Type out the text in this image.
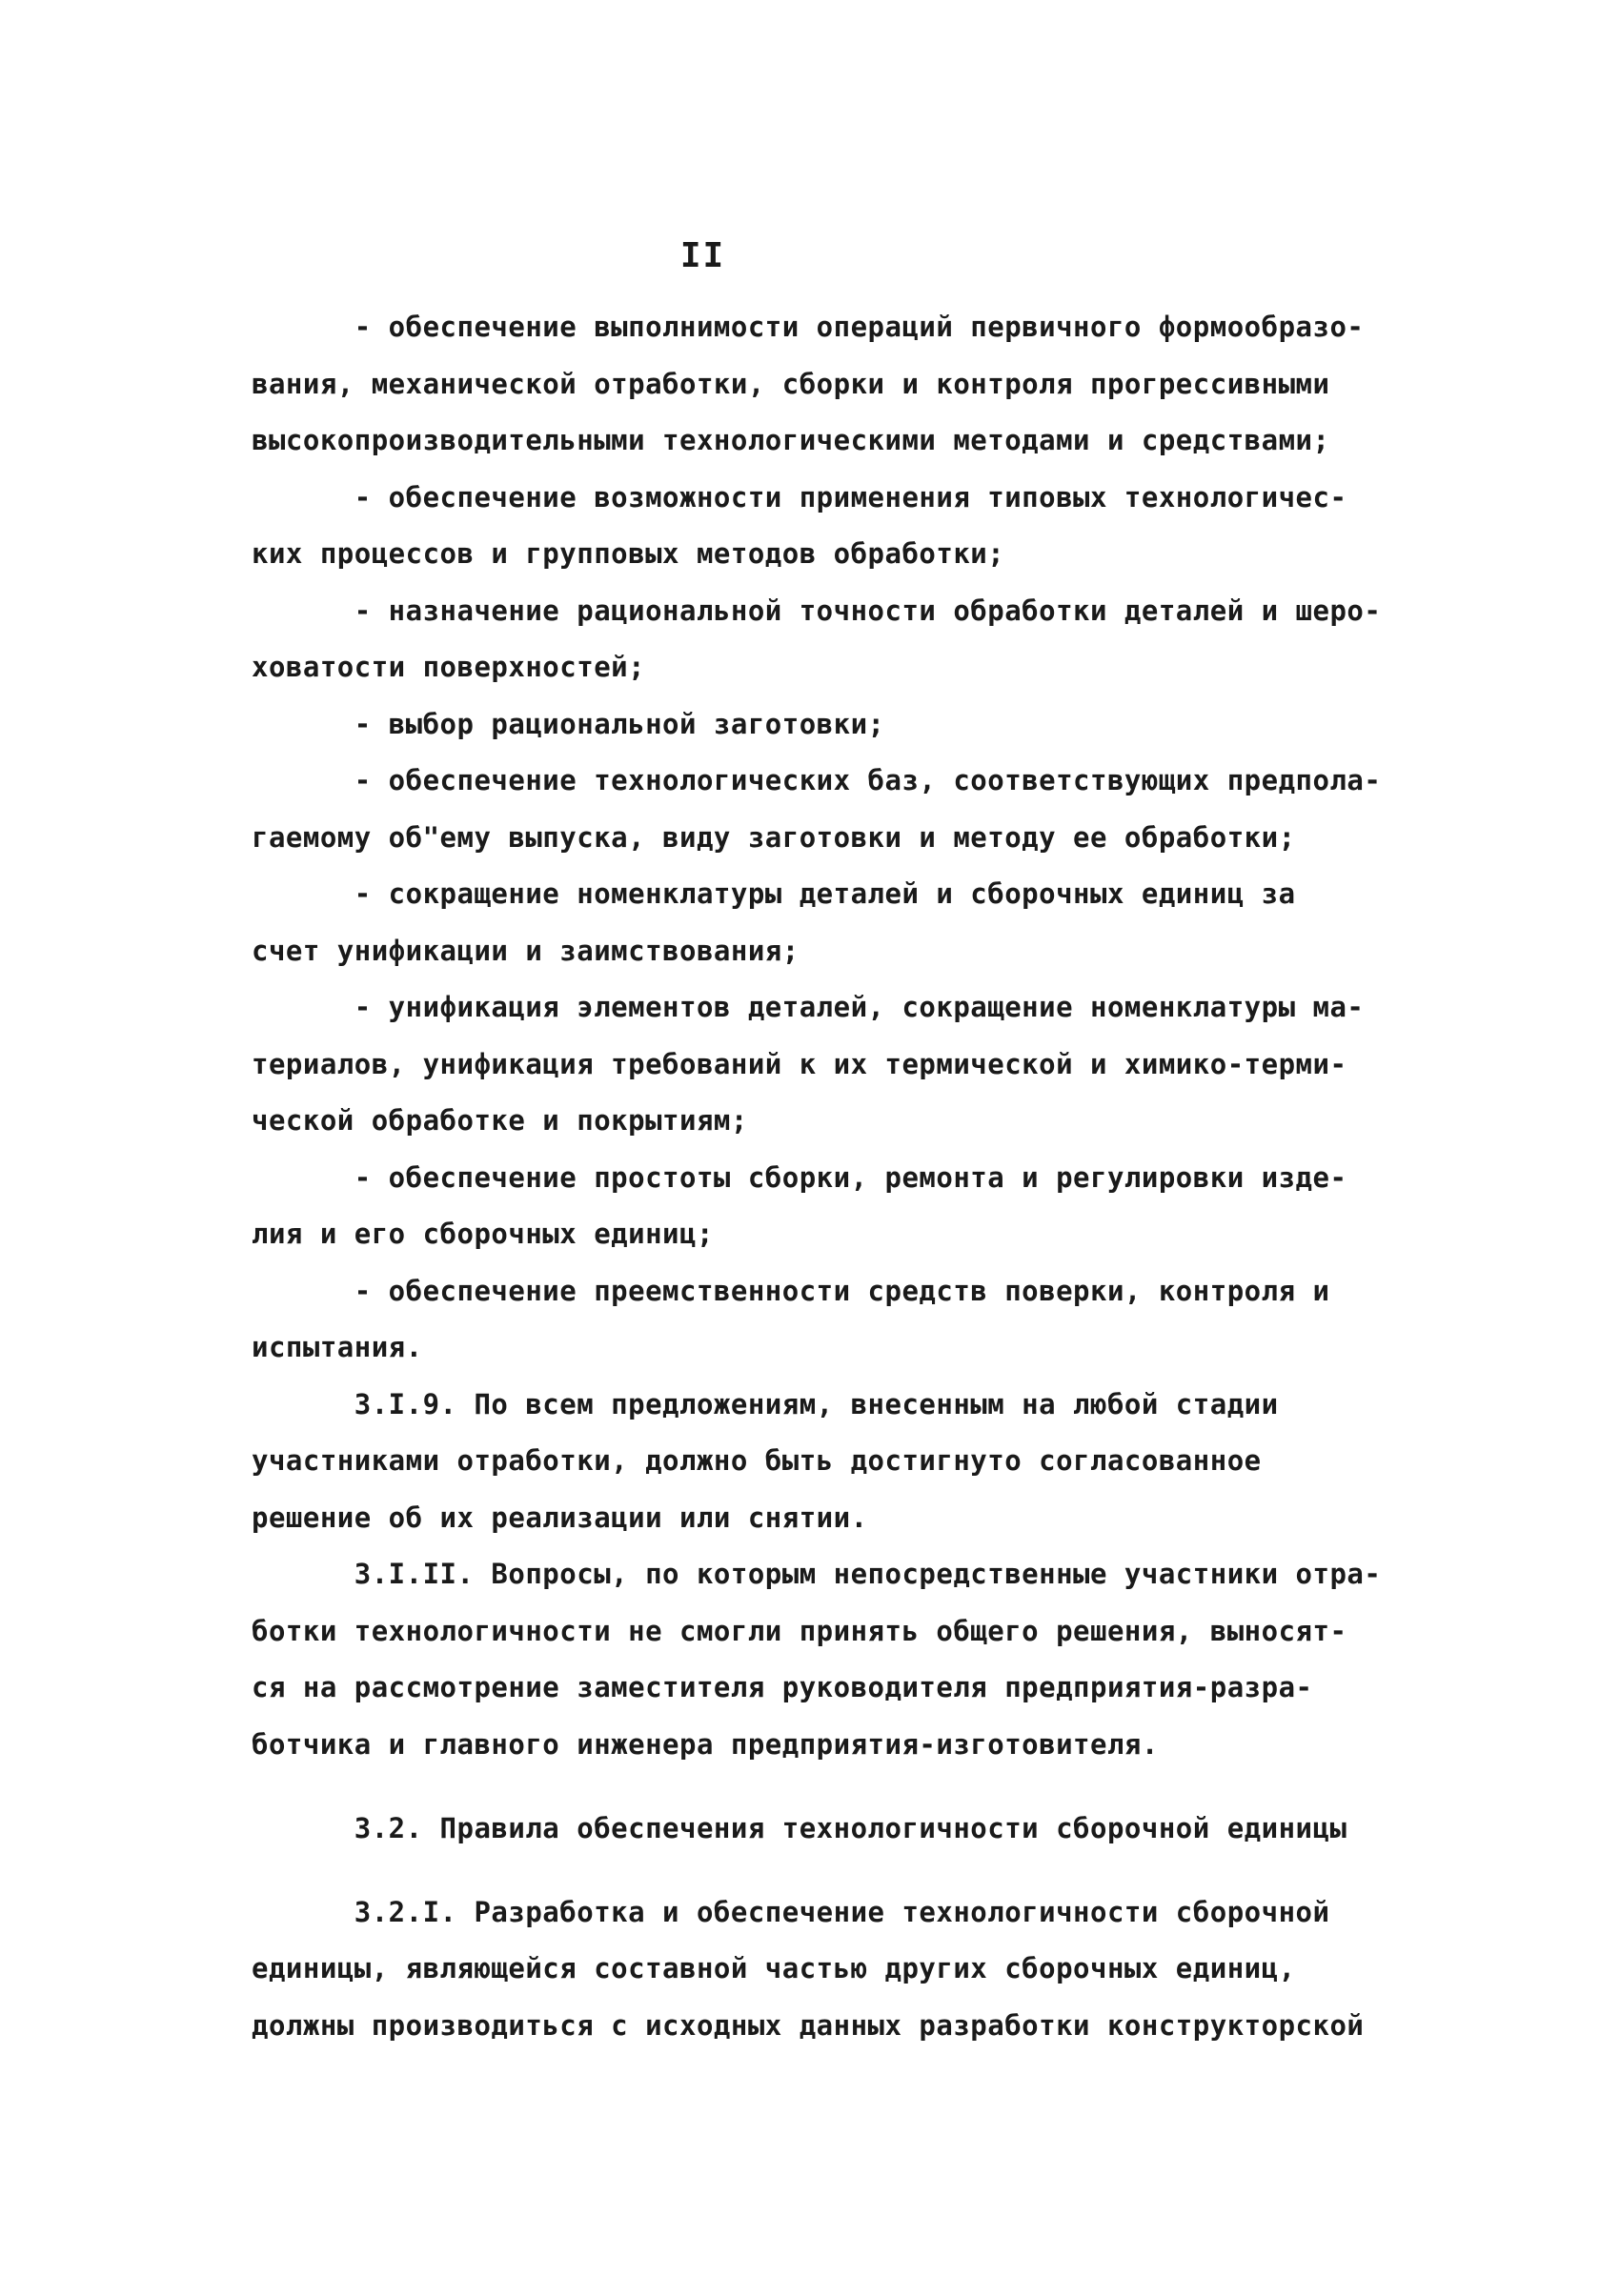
II
- обеспечение выполнимости операций первичного формообразо-
вания, механической отработки, сборки и контроля прогрессивными
высокопроизводительными технологическими методами и средствами;
- обеспечение возможности применения типовых технологичес-
ких процессов и групповых методов обработки;
- назначение рациональной точности обработки деталей и шеро-
ховатости поверхностей;
- выбор рациональной заготовки;
- обеспечение технологических баз, соответствующих предпола-
гаемому об"ему выпуска, виду заготовки и методу ее обработки;
- сокращение номенклатуры деталей и сборочных единиц за
счет унификации и заимствования;
- унификация элементов деталей, сокращение номенклатуры ма-
териалов, унификация требований к их термической и химико-терми-
ческой обработке и покрытиям;
- обеспечение простоты сборки, ремонта и регулировки изде-
лия и его сборочных единиц;
- обеспечение преемственности средств поверки, контроля и
испытания.
3.I.9. По всем предложениям, внесенным на любой стадии
участниками отработки, должно быть достигнуто согласованное
решение об их реализации или снятии.
3.I.II. Вопросы, по которым непосредственные участники отра-
ботки технологичности не смогли принять общего решения, выносят-
ся на рассмотрение заместителя руководителя предприятия-разра-
ботчика и главного инженера предприятия-изготовителя.
3.2. Правила обеспечения технологичности сборочной единицы
3.2.I. Разработка и обеспечение технологичности сборочной
единицы, являющейся составной частью других сборочных единиц,
должны производиться с исходных данных разработки конструкторской
